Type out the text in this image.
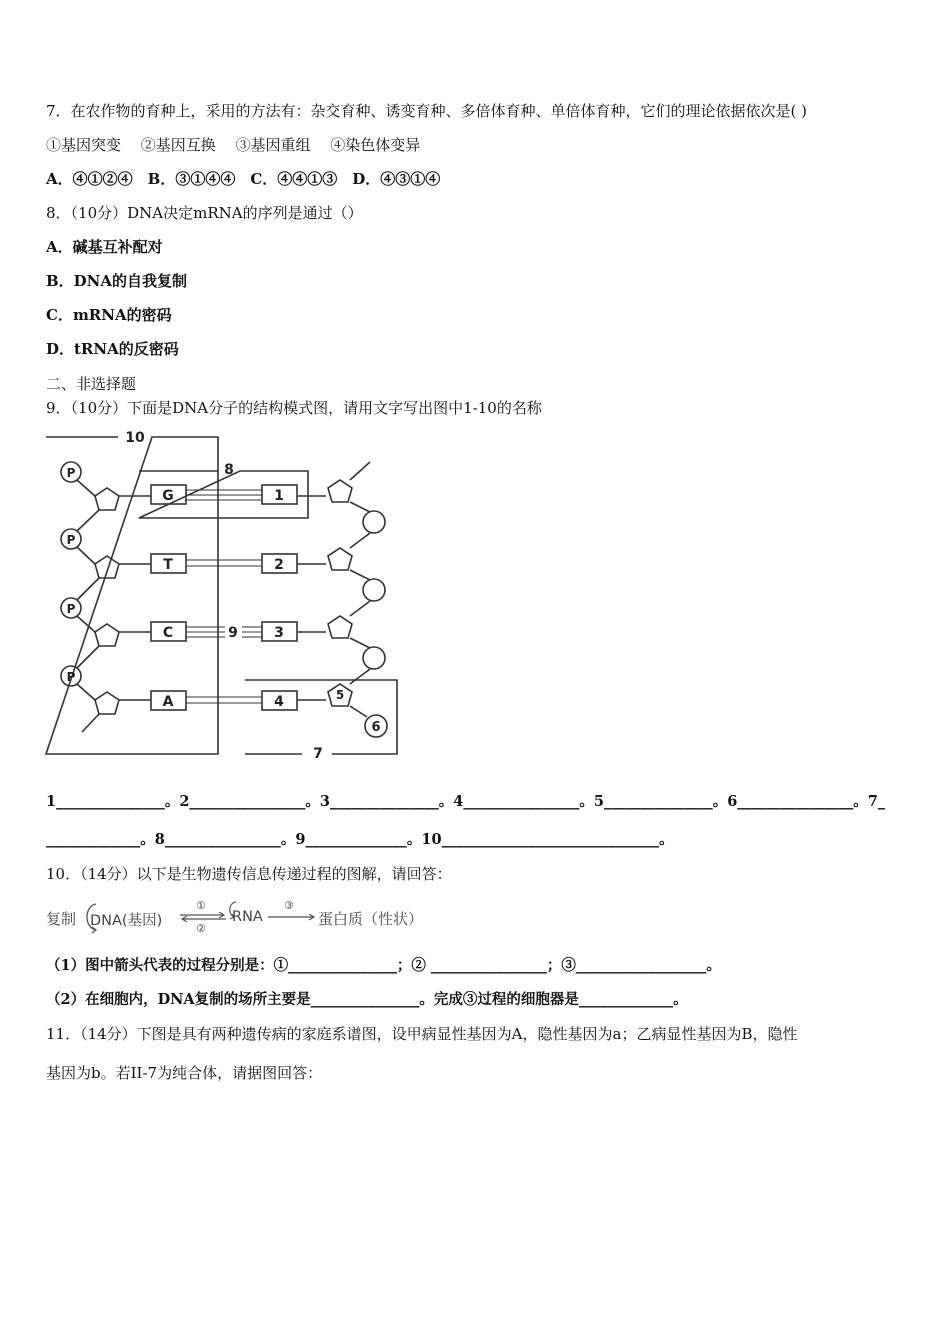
7．在农作物的育种上，采用的方法有：杂交育种、诱变育种、多倍体育种、单倍体育种，它们的理论依据依次是( )
①基因突变　 ②基因互换　 ③基因重组　 ④染色体变异
A．④①②④　B．③①④④　C．④④①③　D．④③①④
8．（10分）DNA决定mRNA的序列是通过（）
A．碱基互补配对
B．DNA的自我复制
C．mRNA的密码
D．tRNA的反密码
二、非选择题
9．（10分）下面是DNA分子的结构模式图，请用文字写出图中1-10的名称
10
8
9
7
P
P
P
P
G
T
C
A
1
2
3
4	5
6
1_______________。2________________。3_______________。4________________。5_______________。6________________。7_
_____________。8________________。9______________。10______________________________。
10．（14分）以下是生物遗传信息传递过程的图解，请回答：
复制 DNA(基因)
①
②
RNA
③
蛋白质（性状）
（1）图中箭头代表的过程分别是：①_______________；② ________________；③__________________。
（2）在细胞内，DNA复制的场所主要是_______________。完成③过程的细胞器是_____________。
11．（14分）下图是具有两种遗传病的家庭系谱图，设甲病显性基因为A，隐性基因为a；乙病显性基因为B，隐性
基因为b。若II-7为纯合体，请据图回答：
